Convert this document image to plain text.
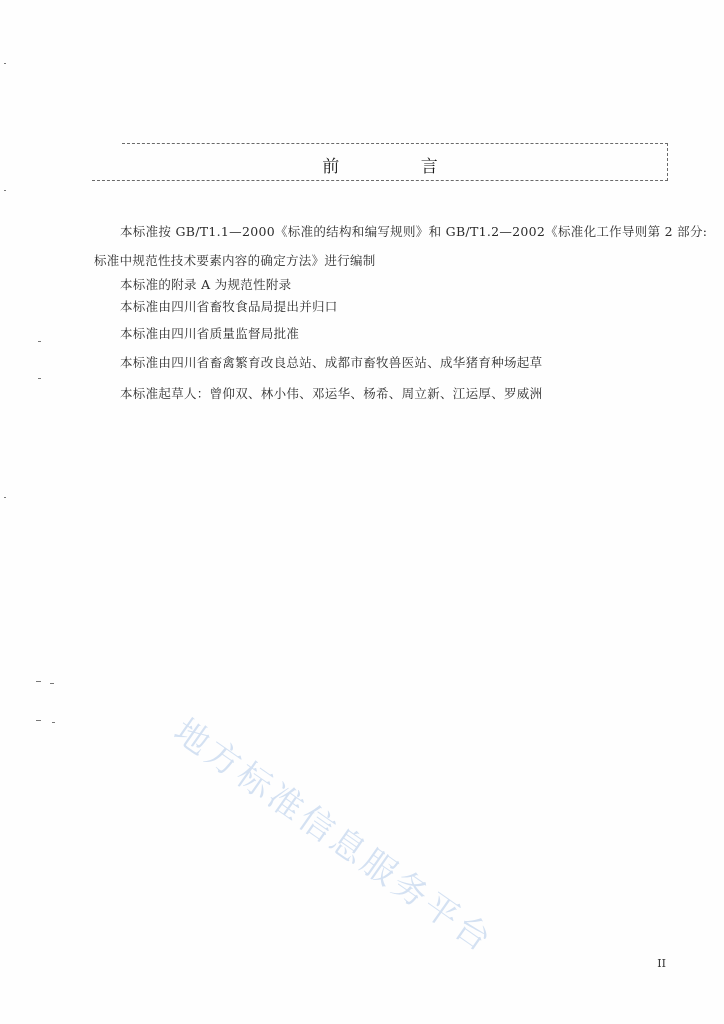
前 言
本标准按 GB/T1.1—2000《标准的结构和编写规则》和 GB/T1.2—2002《标准化工作导则第 2 部分:
标准中规范性技术要素内容的确定方法》进行编制
本标准的附录 A 为规范性附录
本标准由四川省畜牧食品局提出并归口
本标准由四川省质量监督局批准
本标准由四川省畜禽繁育改良总站、成都市畜牧兽医站、成华猪育种场起草
本标准起草人：曾仰双、林小伟、邓运华、杨希、周立新、江运厚、罗威洲
地方标准信息服务平台
II
